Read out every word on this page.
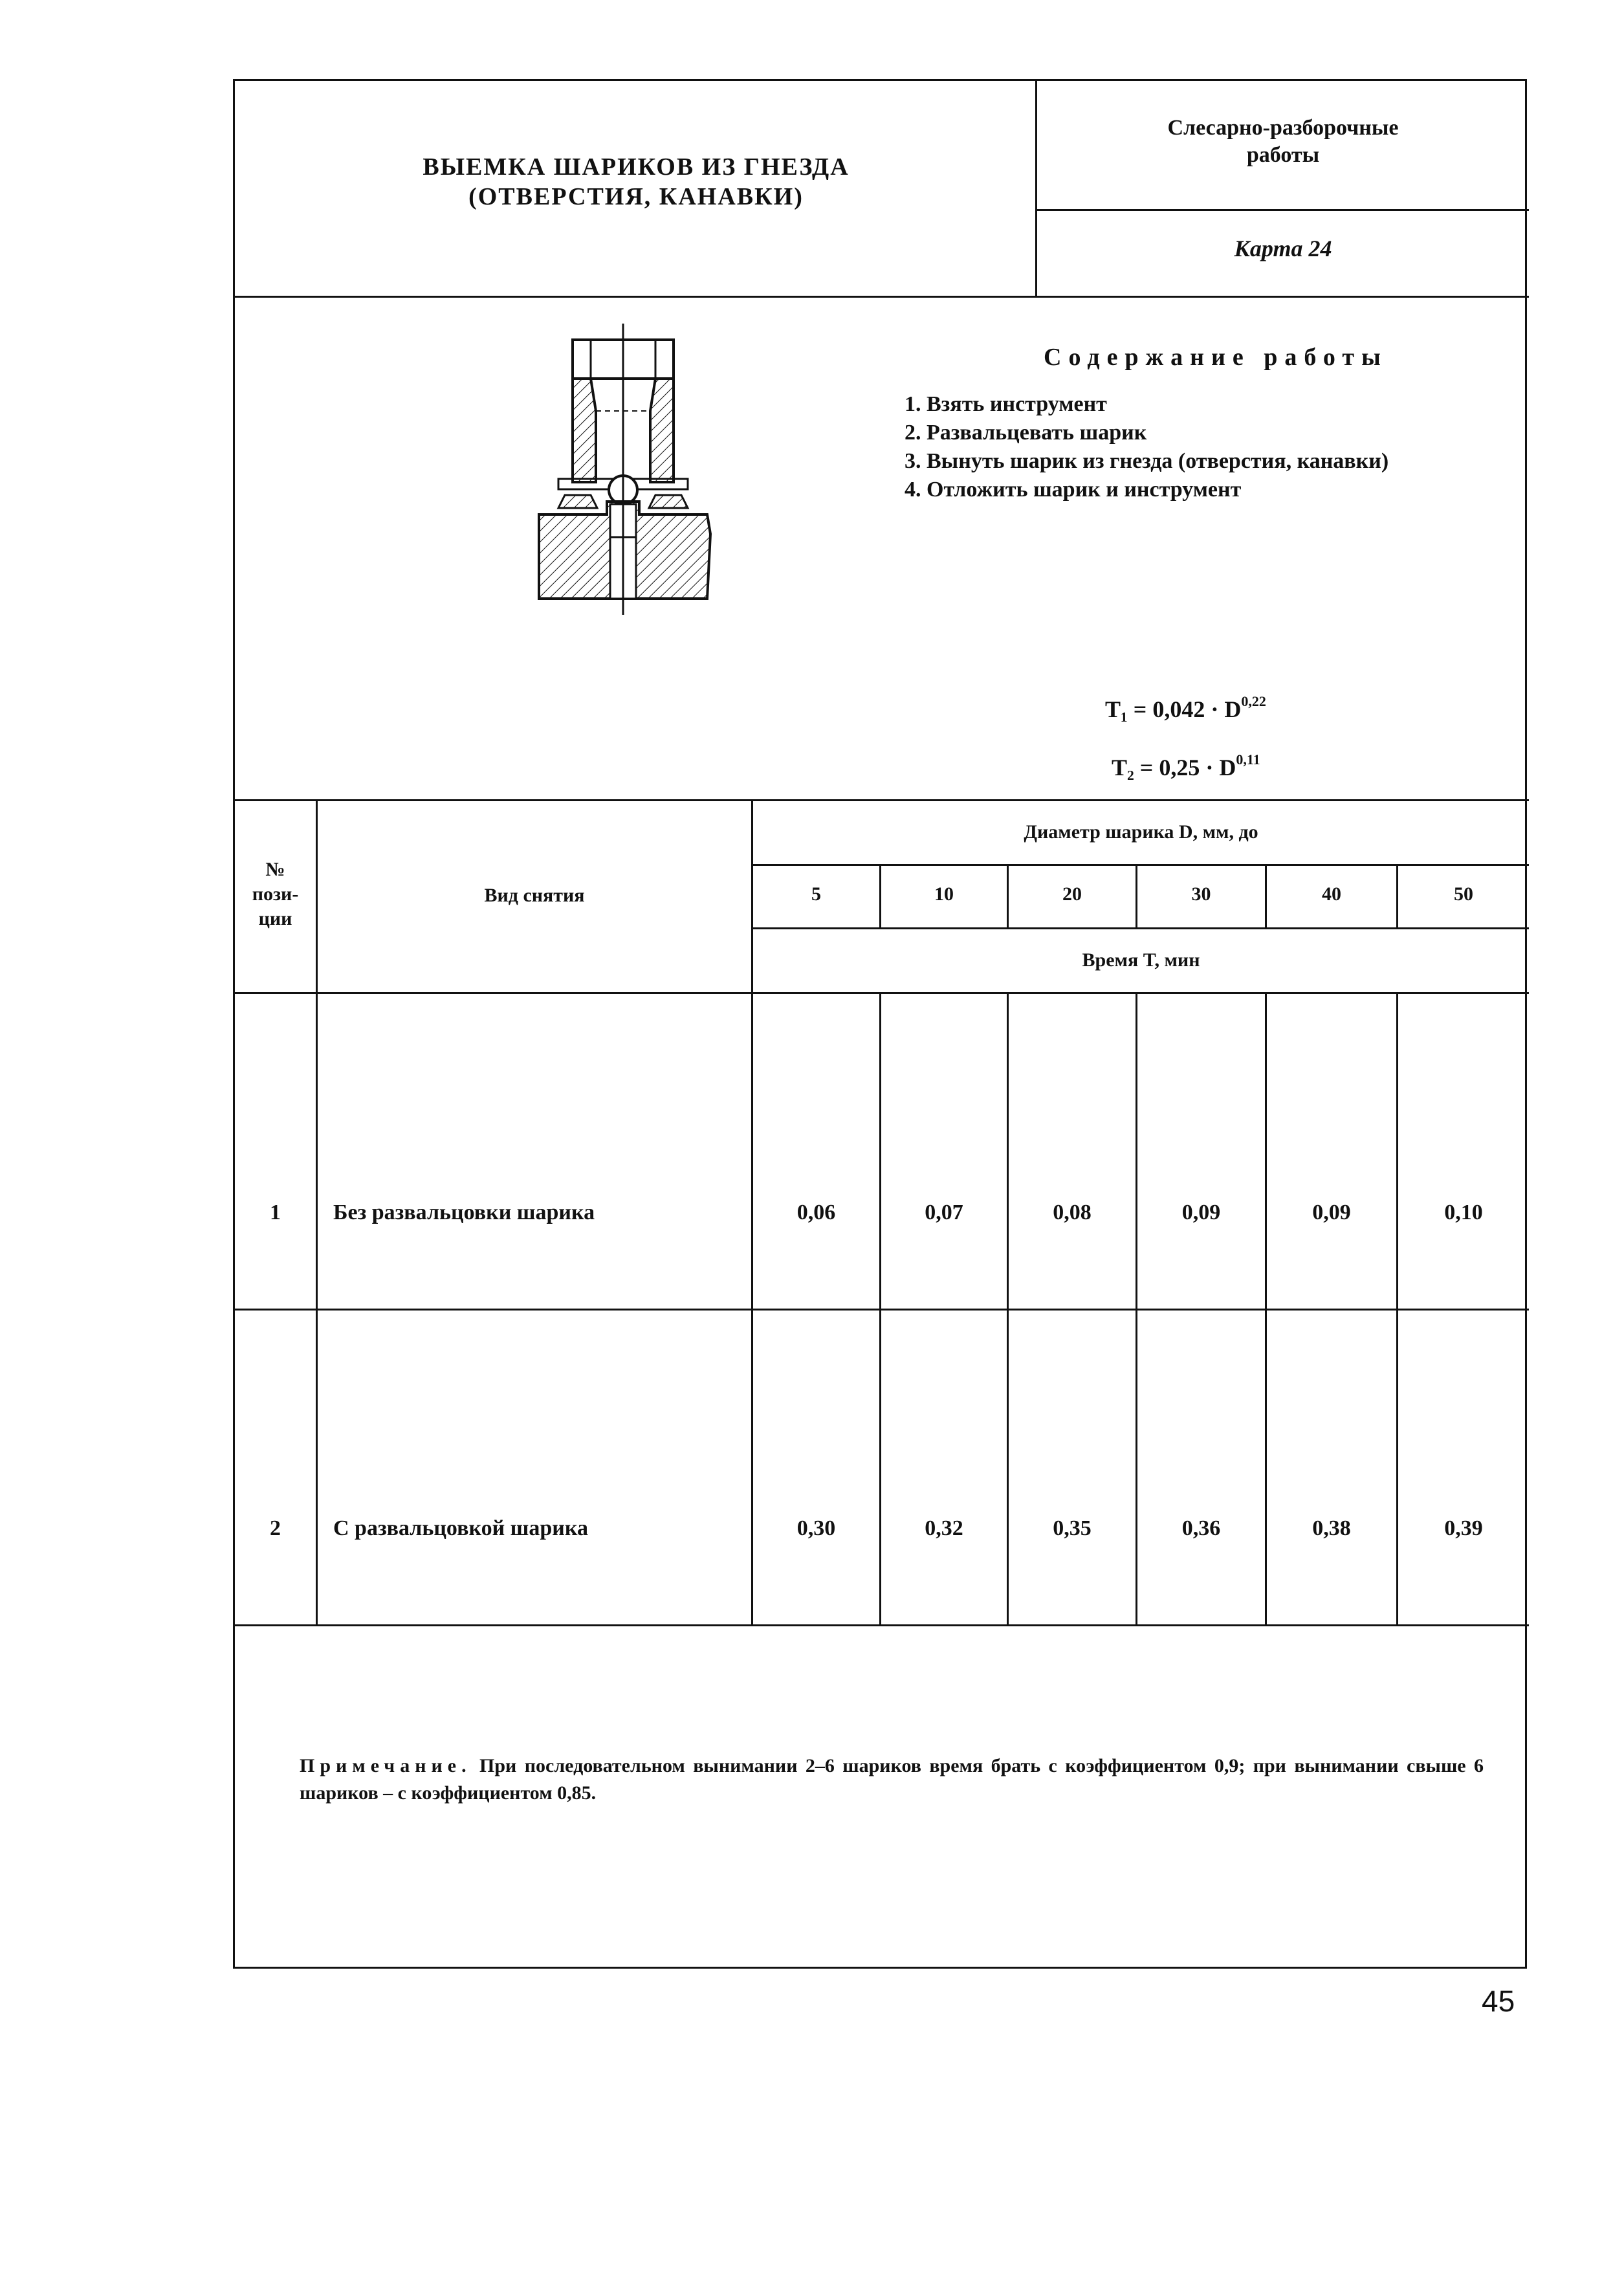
ВЫЕМКА ШАРИКОВ ИЗ ГНЕЗДА
(ОТВЕРСТИЯ, КАНАВКИ)
Слесарно-разборочные
работы
Карта 24
Содержание работы
1. Взять инструмент
2. Развальцевать шарик
3. Вынуть шарик из гнезда (отверстия, канавки)
4. Отложить шарик и инструмент
T₁ = 0,042 · D$^{0,22}$
T₂ = 0,25 · D$^{0,11}$
№
пози-
ции
Вид снятия
Диаметр шарика D, мм, до
5	10	20	30	40	50
Время T, мин
1	Без развальцовки шарика	0,06	0,07	0,08	0,09	0,09	0,10
2	С развальцовкой шарика	0,30	0,32	0,35	0,36	0,38	0,39
Примечание. При последовательном вынимании 2–6 шариков время брать с коэффициентом 0,9; при вынимании свыше 6 шариков – с коэффициентом 0,85.
45
